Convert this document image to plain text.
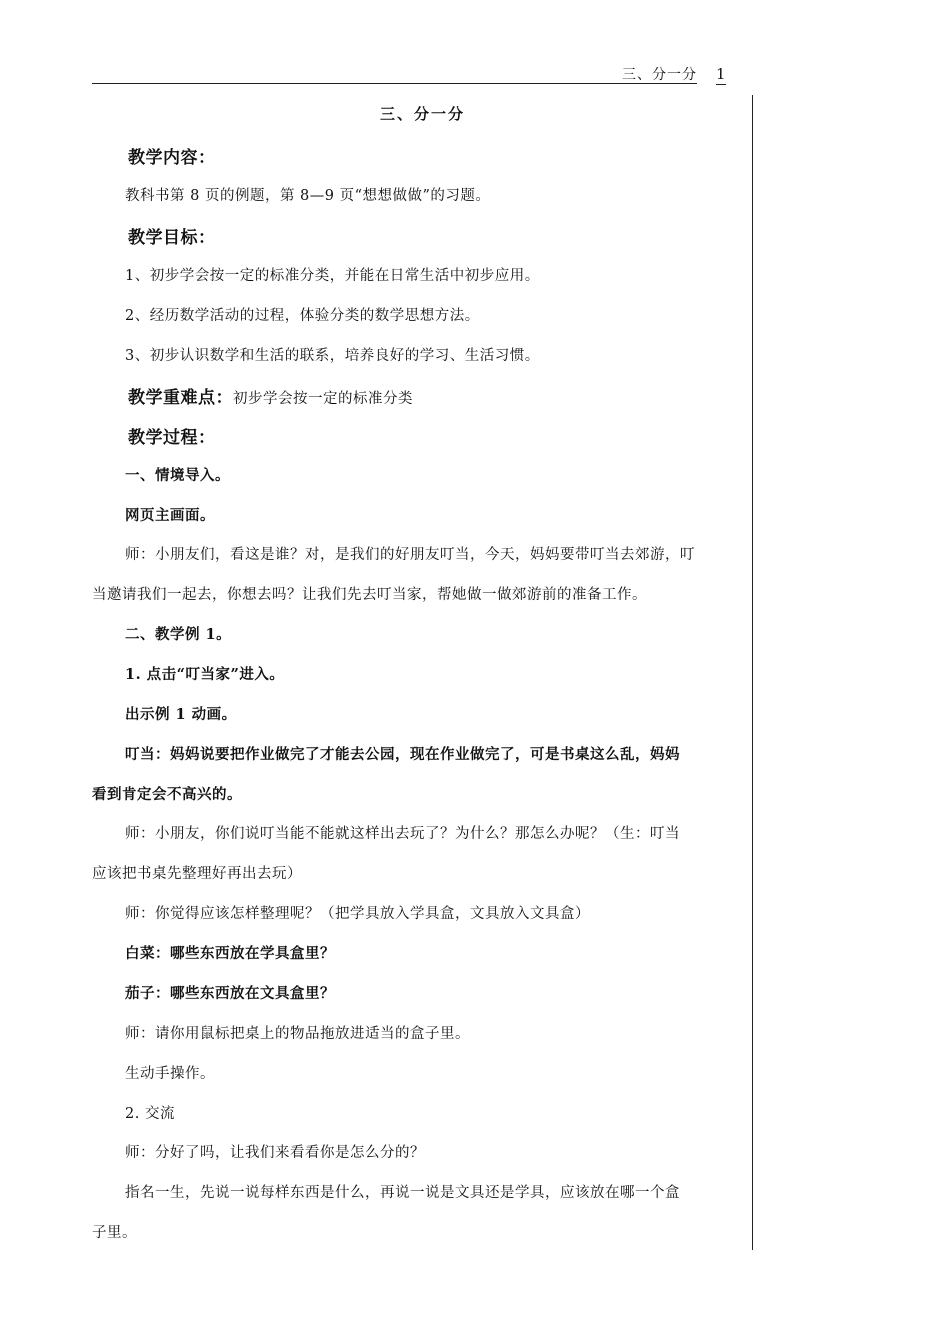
三、分一分 1
三、分一分
教学内容：
教科书第 8 页的例题，第 8—9 页“想想做做”的习题。
教学目标：
1、初步学会按一定的标准分类，并能在日常生活中初步应用。
2、经历数学活动的过程，体验分类的数学思想方法。
3、初步认识数学和生活的联系，培养良好的学习、生活习惯。
教学重难点：初步学会按一定的标准分类
教学过程：
一、情境导入。
网页主画面。
师：小朋友们，看这是谁？对，是我们的好朋友叮当，今天，妈妈要带叮当去郊游，叮
当邀请我们一起去，你想去吗？让我们先去叮当家，帮她做一做郊游前的准备工作。
二、教学例 1。
1. 点击“叮当家”进入。
出示例 1 动画。
叮当：妈妈说要把作业做完了才能去公园，现在作业做完了，可是书桌这么乱，妈妈
看到肯定会不高兴的。
师：小朋友，你们说叮当能不能就这样出去玩了？为什么？那怎么办呢？（生：叮当
应该把书桌先整理好再出去玩）
师：你觉得应该怎样整理呢？（把学具放入学具盒，文具放入文具盒）
白菜：哪些东西放在学具盒里？
茄子：哪些东西放在文具盒里？
师：请你用鼠标把桌上的物品拖放进适当的盒子里。
生动手操作。
2. 交流
师：分好了吗，让我们来看看你是怎么分的？
指名一生，先说一说每样东西是什么，再说一说是文具还是学具，应该放在哪一个盒
子里。
